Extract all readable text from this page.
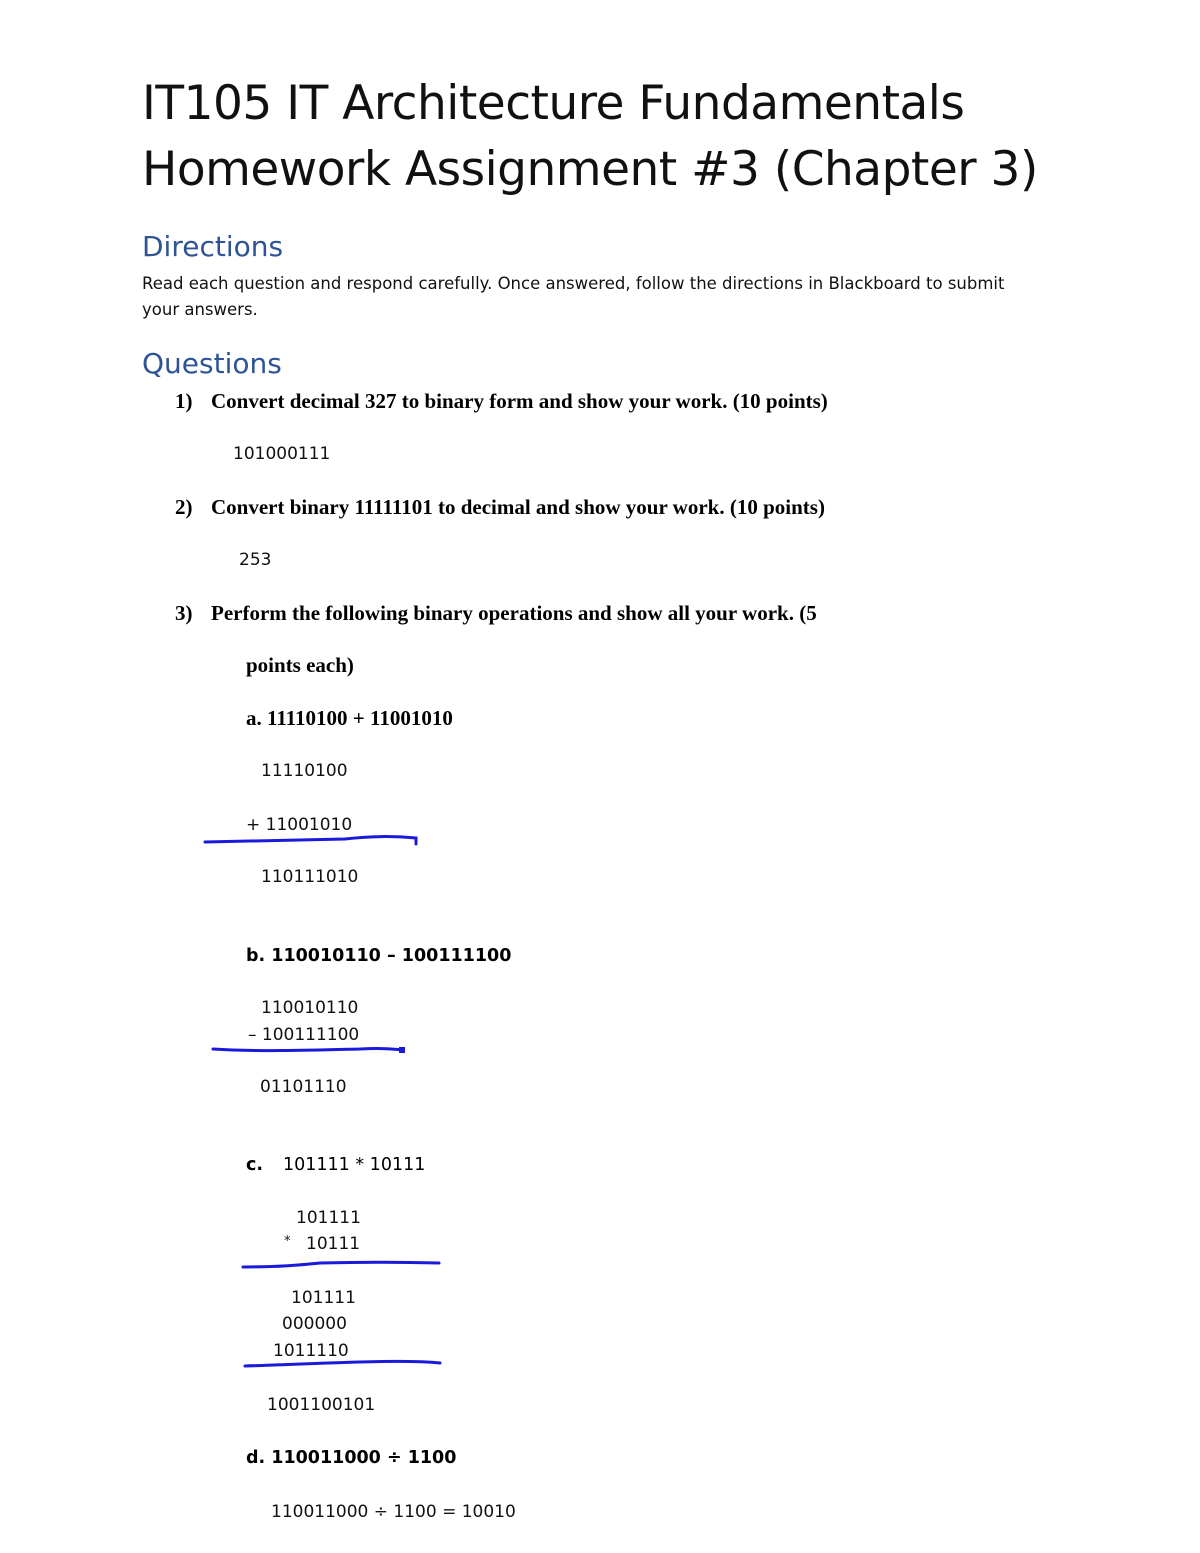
IT105 IT Architecture Fundamentals
Homework Assignment #3 (Chapter 3)
Directions
Read each question and respond carefully. Once answered, follow the directions in Blackboard to submit
your answers.
Questions
1) Convert decimal 327 to binary form and show your work. (10 points)
101000111
2) Convert binary 11111101 to decimal and show your work. (10 points)
253
3) Perform the following binary operations and show all your work. (5
points each)
a. 11110100 + 11001010
11110100
+ 11001010
110111010
b. 110010110 – 100111100
110010110
– 100111100
01101110
c. 101111 * 10111
101111
* 10111
101111
000000
1011110
1001100101
d. 110011000 ÷ 1100
110011000 ÷ 1100 = 10010
